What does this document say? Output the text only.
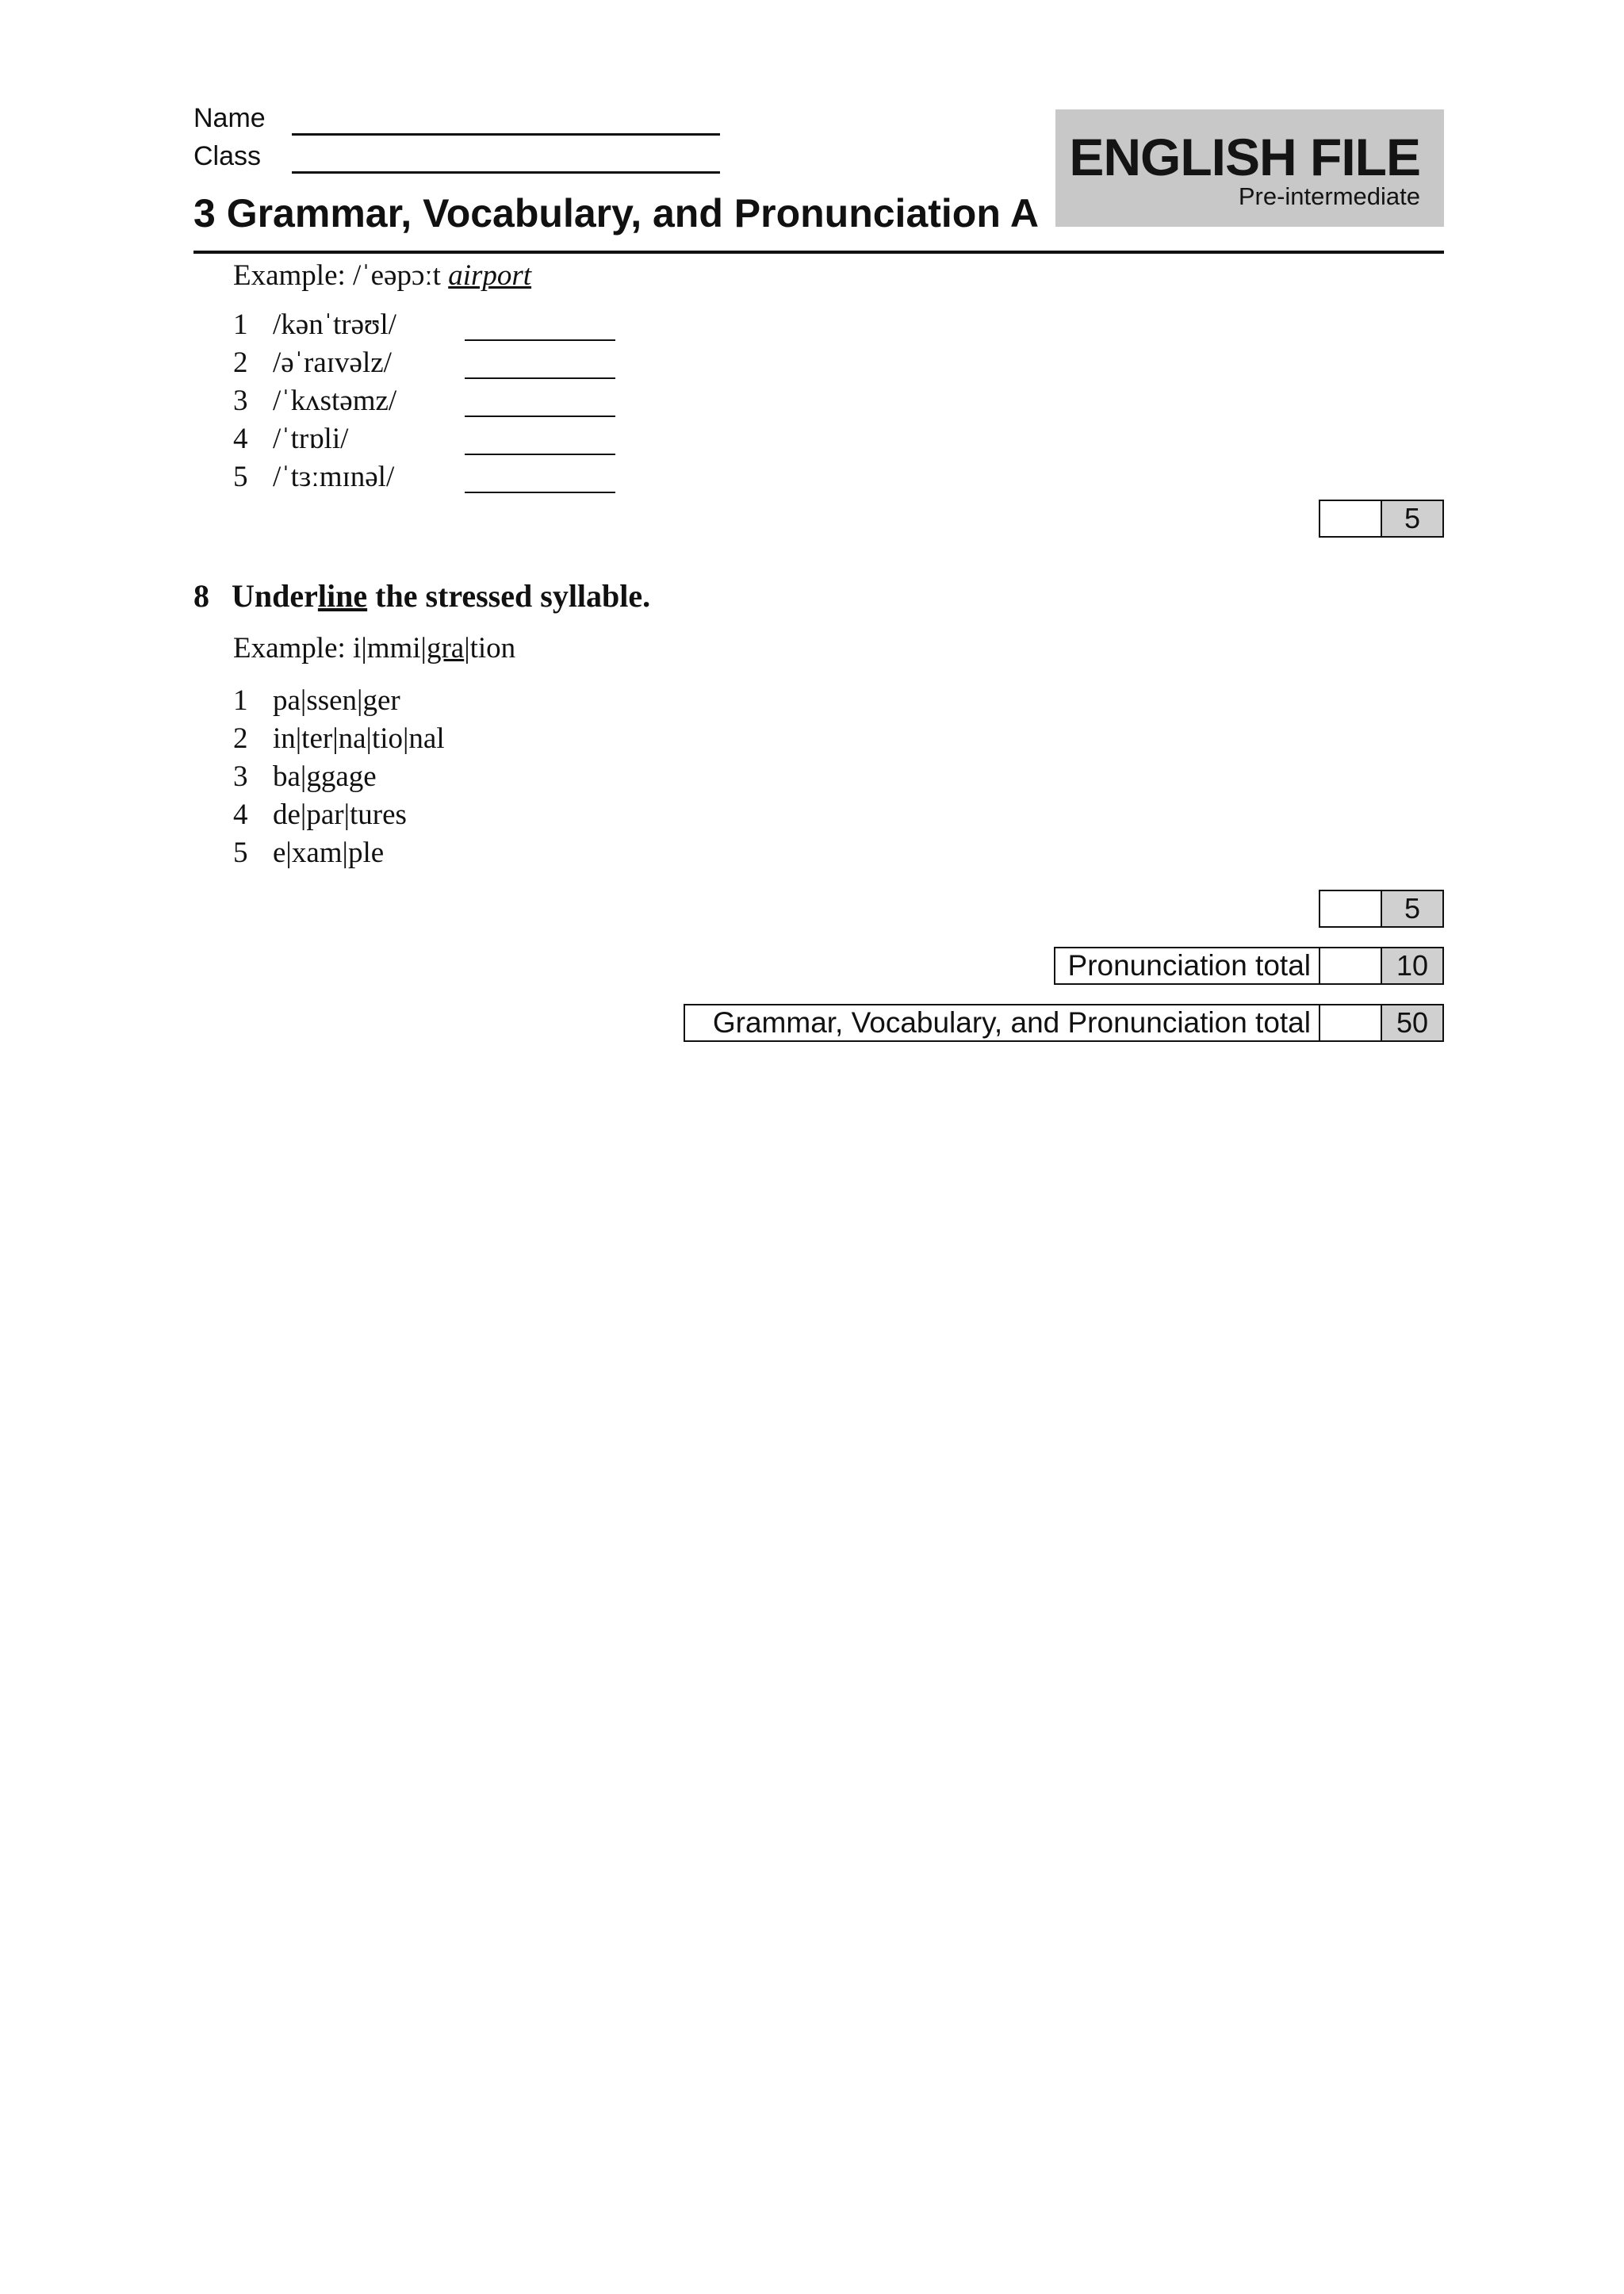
Name
Class	ENGLISH FILE
Pre-intermediate
3 Grammar, Vocabulary, and Pronunciation A
Example: /ˈeəpɔːt airport
1 /kənˈtrəʊl/
2 /əˈraɪvəlz/
3 /ˈkʌstəmz/
4 /ˈtrɒli/
5 /ˈtɜːmɪnəl/
5
8 Underline the stressed syllable.
Example: i|mmi|gra|tion
1 pa|ssen|ger
2 in|ter|na|tio|nal
3 ba|ggage
4 de|par|tures
5 e|xam|ple
5
Pronunciation total	10
Grammar, Vocabulary, and Pronunciation total	50
